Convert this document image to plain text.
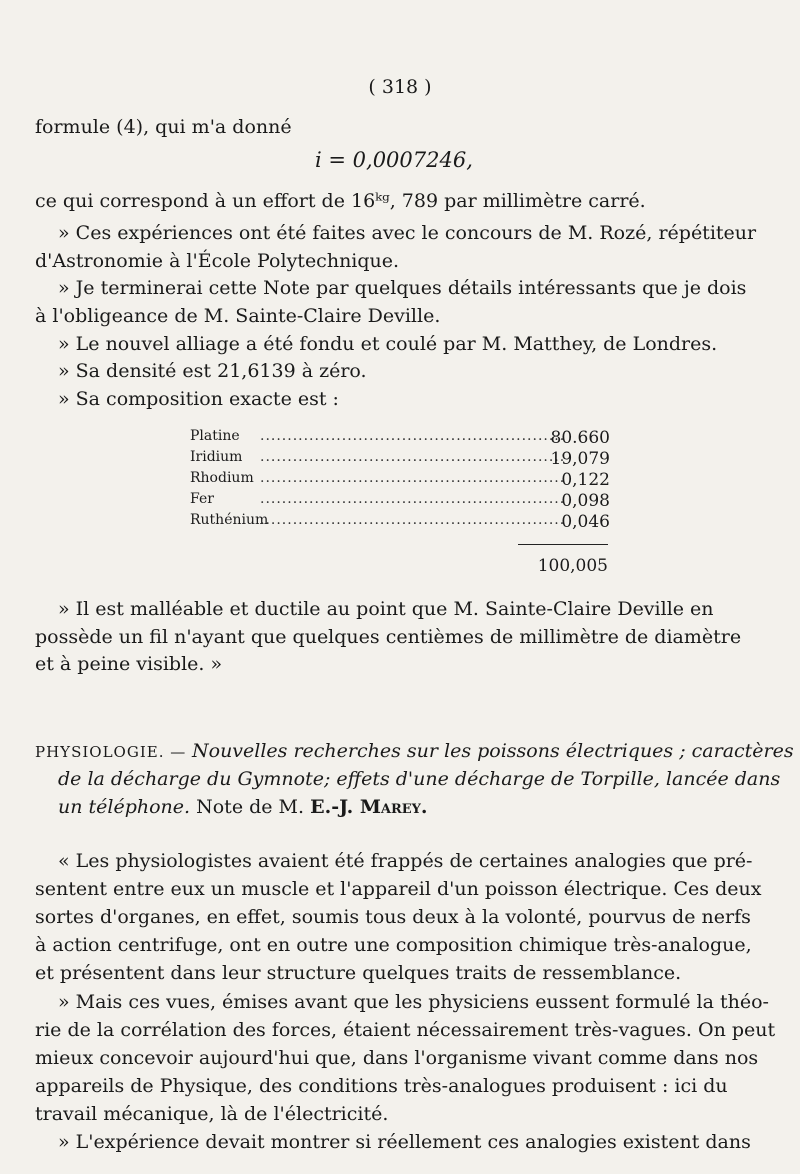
( 318 )
formule (4), qui m'a donné
i = 0,0007246,
ce qui correspond à un effort de 16ᵏᵍ, 789 par millimètre carré.
» Ces expériences ont été faites avec le concours de M. Rozé, répétiteur
d'Astronomie à l'École Polytechnique.
» Je terminerai cette Note par quelques détails intéressants que je dois
à l'obligeance de M. Sainte-Claire Deville.
» Le nouvel alliage a été fondu et coulé par M. Matthey, de Londres.
» Sa densité est 21,6139 à zéro.
» Sa composition exacte est :
Platine ........................................................
80.660
Iridium ........................................................
19,079
Rhodium ........................................................
0,122
Fer	........................................................
0,098
Ruthénium
........................................................
0,046
100,005
» Il est malléable et ductile au point que M. Sainte-Claire Deville en
possède un fil n'ayant que quelques centièmes de millimètre de diamètre
et à peine visible. »
PHYSIOLOGIE. — Nouvelles recherches sur les poissons électriques ; caractères
de la décharge du Gymnote; effets d'une décharge de Torpille, lancée dans
un téléphone. Note de M. E.-J. Marey.
« Les physiologistes avaient été frappés de certaines analogies que pré-
sentent entre eux un muscle et l'appareil d'un poisson électrique. Ces deux
sortes d'organes, en effet, soumis tous deux à la volonté, pourvus de nerfs
à action centrifuge, ont en outre une composition chimique très-analogue,
et présentent dans leur structure quelques traits de ressemblance.
» Mais ces vues, émises avant que les physiciens eussent formulé la théo-
rie de la corrélation des forces, étaient nécessairement très-vagues. On peut
mieux concevoir aujourd'hui que, dans l'organisme vivant comme dans nos
appareils de Physique, des conditions très-analogues produisent : ici du
travail mécanique, là de l'électricité.
» L'expérience devait montrer si réellement ces analogies existent dans
